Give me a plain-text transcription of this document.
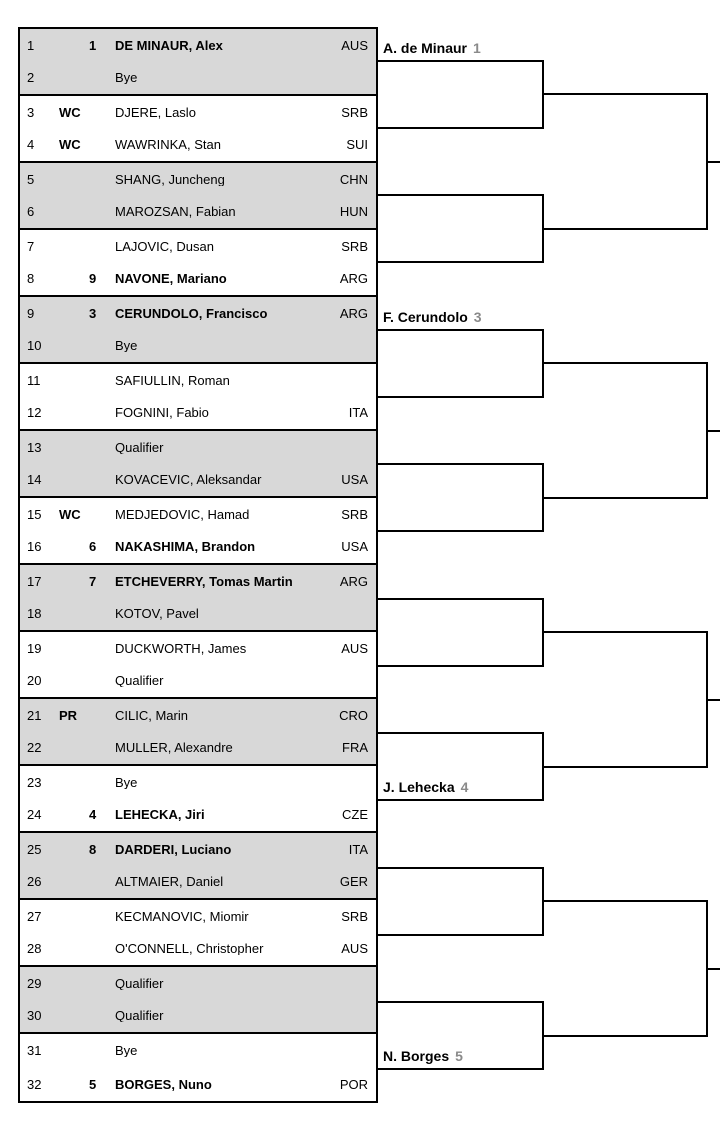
1	1	DE MINAUR, Alex	AUS
2	Bye
3	WC	DJERE, Laslo	SRB
4	WC	WAWRINKA, Stan	SUI
5	SHANG, Juncheng	CHN
6	MAROZSAN, Fabian	HUN
7	LAJOVIC, Dusan	SRB
8	9	NAVONE, Mariano	ARG
9	3	CERUNDOLO, Francisco	ARG
10	Bye
11	SAFIULLIN, Roman
12	FOGNINI, Fabio	ITA
13	Qualifier
14	KOVACEVIC, Aleksandar	USA
15	WC	MEDJEDOVIC, Hamad	SRB
16	6	NAKASHIMA, Brandon	USA
17	7	ETCHEVERRY, Tomas Martin	ARG
18	KOTOV, Pavel
19	DUCKWORTH, James	AUS
20	Qualifier
21	PR	CILIC, Marin	CRO
22	MULLER, Alexandre	FRA
23	Bye
24	4	LEHECKA, Jiri	CZE
25	8	DARDERI, Luciano	ITA
26	ALTMAIER, Daniel	GER
27	KECMANOVIC, Miomir	SRB
28	O'CONNELL, Christopher	AUS
29	Qualifier
30	Qualifier
31	Bye
32	5	BORGES, Nuno	POR
A. de Minaur 1
F. Cerundolo 3
J. Lehecka 4
N. Borges 5
